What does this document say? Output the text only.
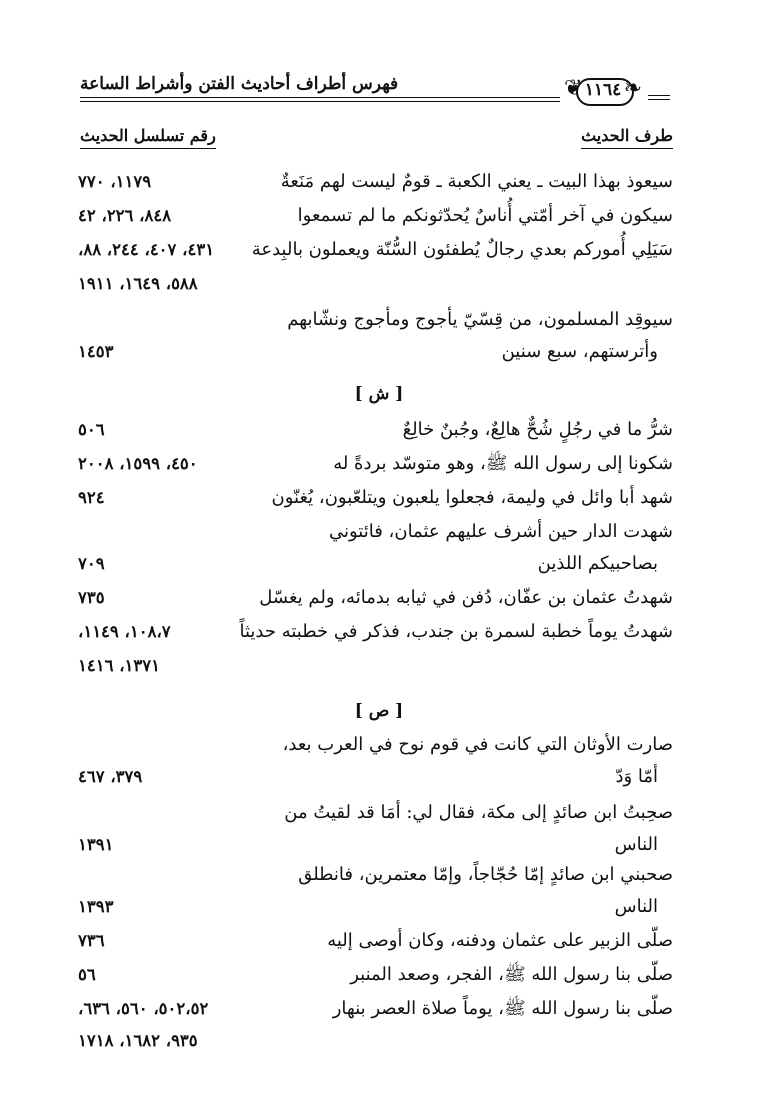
فهرس أطراف أحاديث الفتن وأشراط الساعة	❦ ١١٦٤ ❧
طرف الحديث
رقم تسلسل الحديث
سيعوذ بهذا البيت ـ يعني الكعبة ـ قومٌ ليست لهم مَنَعةٌ
١١٧٩، ٧٧٠
سيكون في آخر أمّتي أُناسٌ يُحدّثونكم ما لم تسمعوا
٨٤٨، ٢٢٦، ٤٢
سَيَلِي أُموركم بعدي رجالٌ يُطفئون السُّنّة ويعملون بالبِدعة
٤٣١، ٤٠٧، ٢٤٤، ٨٨،
٥٨٨، ١٦٤٩، ١٩١١
سيوقِد المسلمون، من قِسّيّ يأجوج ومأجوج ونشّابهم
وأترستهم، سبع سنين
١٤٥٣
[ ش ]
شرُّ ما في رجُلٍ شُحٌّ هالِعٌ، وجُبنٌ خالِعٌ
٥٠٦
شكونا إلى رسول الله ﷺ، وهو متوسّد بردةً له
٤٥٠، ١٥٩٩، ٢٠٠٨
شهد أبا وائل في وليمة، فجعلوا يلعبون ويتلعّبون، يُغنّون
٩٢٤
شهدت الدار حين أشرف عليهم عثمان، فائتوني
بصاحبيكم اللذين
٧٠٩
شهدتُ عثمان بن عفّان، دُفن في ثيابه بدمائه، ولم يغسّل
٧٣٥
شهدتُ يوماً خطبة لسمرة بن جندب، فذكر في خطبته حديثاً
١٠٨،٧، ١١٤٩،
١٣٧١، ١٤١٦
[ ص ]
صارت الأوثان التي كانت في قوم نوح في العرب بعد،
أمّا وَدّ
٣٧٩، ٤٦٧
صحِبتُ ابن صائدٍ إلى مكة، فقال لي: أمَا قد لقيتُ من
الناس
١٣٩١
صحبني ابن صائدٍ إمّا حُجّاجاً، وإمّا معتمرين، فانطلق
الناس
١٣٩٣
صلّى الزبير على عثمان ودفنه، وكان أوصى إليه
٧٣٦
صلّى بنا رسول الله ﷺ، الفجر، وصعد المنبر
٥٦
صلّى بنا رسول الله ﷺ، يوماً صلاة العصر بنهار
٥٠٢،٥٢، ٥٦٠، ٦٣٦،
٩٣٥، ١٦٨٢، ١٧١٨
